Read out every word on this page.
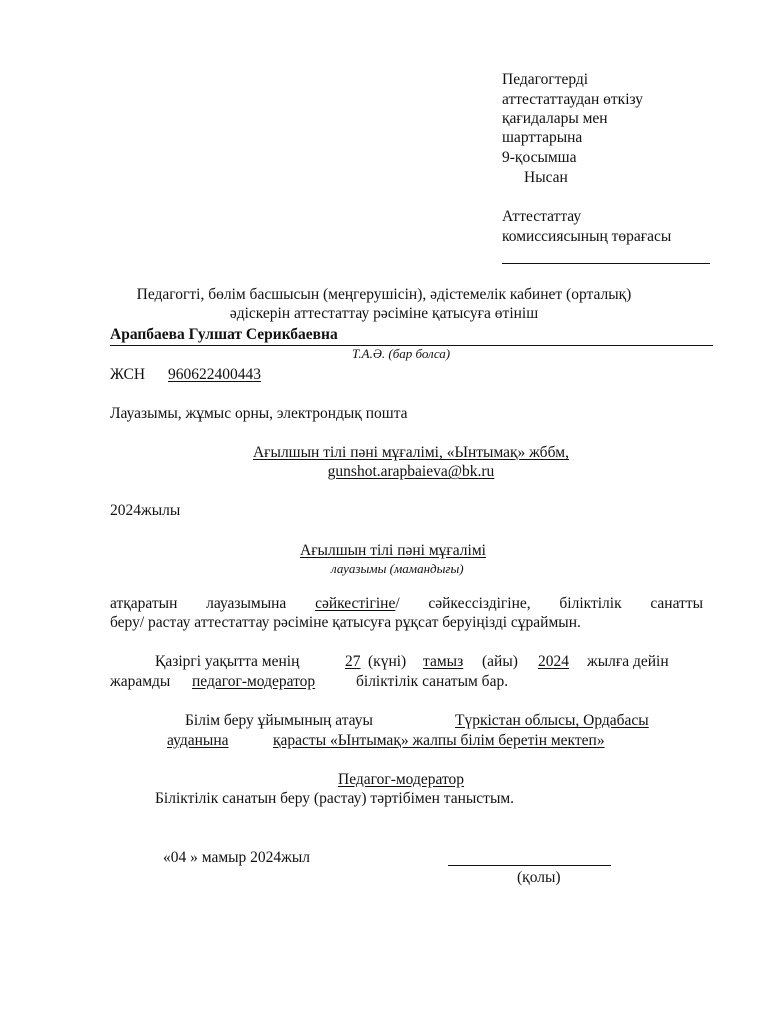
Педагогтерді
аттестаттаудан өткізу
қағидалары мен
шарттарына
9-қосымша
Нысан
Аттестаттау
комиссиясының төрағасы
Педагогті, бөлім басшысын (меңгерушісін), әдістемелік кабинет (орталық)
әдіскерін аттестаттау рәсіміне қатысуға өтініш
Арапбаева Гулшат Серикбаевна
Т.А.Ә. (бар болса)
ЖСН 960622400443
Лауазымы, жұмыс орны, электрондық пошта
Ағылшын тілі пәні мұғалімі, «Ынтымақ» жббм,
gunshot.arapbaieva@bk.ru
2024жылы
Ағылшын тілі пәні мұғалімі
лауазымы (мамандығы)
атқаратын лауазымына сәйкестігіне/ сәйкессіздігіне, біліктілік санатты
беру/ растау аттестаттау рәсіміне қатысуға рұқсат беруіңізді сұраймын.
Қазіргі уақытта менің	27 (күні) тамыз (айы) 2024 жылға дейін
жарамды педагог-модератор	біліктілік санатым бар.
Білім беру ұйымының атауы	Түркістан облысы, Ордабасы
ауданына	қарасты «Ынтымақ» жалпы білім беретін мектеп»
Педагог-модератор
Біліктілік санатын беру (растау) тәртібімен таныстым.
«04 » мамыр 2024жыл
(қолы)
